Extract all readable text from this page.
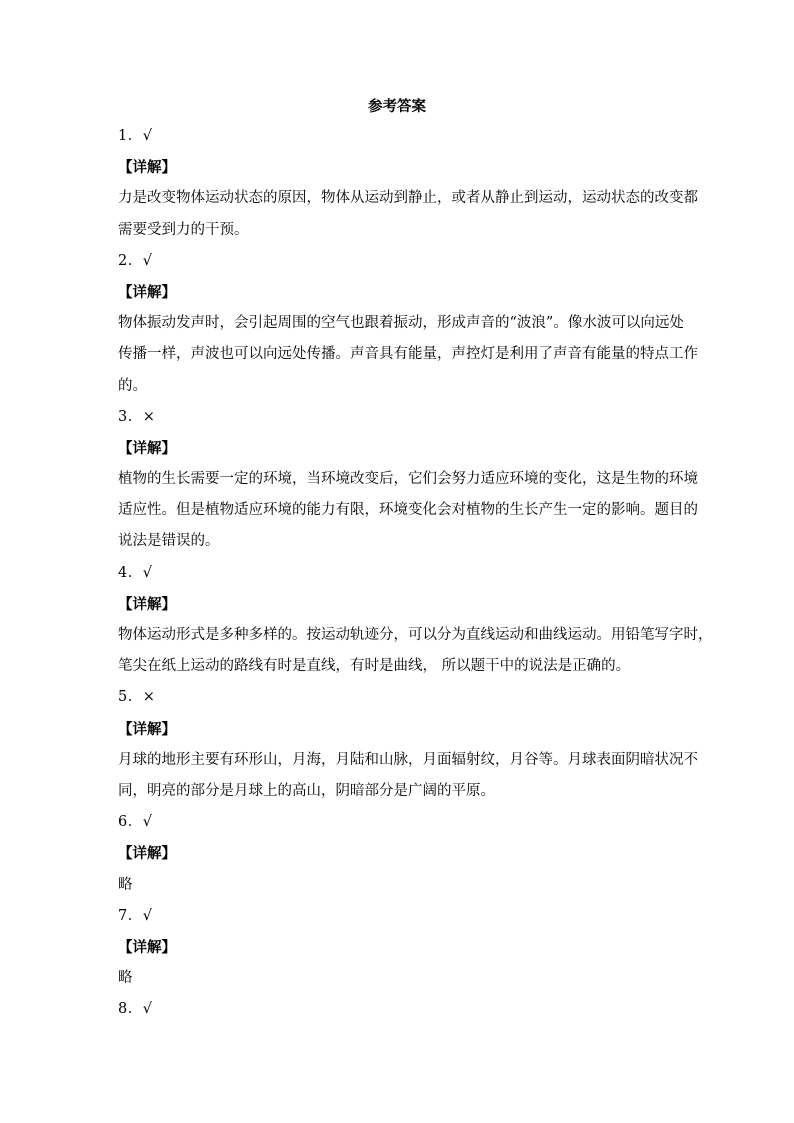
参考答案
1．√
【详解】
力是改变物体运动状态的原因，物体从运动到静止，或者从静止到运动，运动状态的改变都
需要受到力的干预。
2．√
【详解】
物体振动发声时，会引起周围的空气也跟着振动，形成声音的“波浪”。像水波可以向远处
传播一样，声波也可以向远处传播。声音具有能量，声控灯是利用了声音有能量的特点工作
的。
3．×
【详解】
植物的生长需要一定的环境，当环境改变后，它们会努力适应环境的变化，这是生物的环境
适应性。但是植物适应环境的能力有限，环境变化会对植物的生长产生一定的影响。题目的
说法是错误的。
4．√
【详解】
物体运动形式是多种多样的。按运动轨迹分，可以分为直线运动和曲线运动。用铅笔写字时，
笔尖在纸上运动的路线有时是直线，有时是曲线， 所以题干中的说法是正确的。
5．×
【详解】
月球的地形主要有环形山，月海，月陆和山脉，月面辐射纹，月谷等。月球表面阴暗状况不
同，明亮的部分是月球上的高山，阴暗部分是广阔的平原。
6．√
【详解】
略
7．√
【详解】
略
8．√
